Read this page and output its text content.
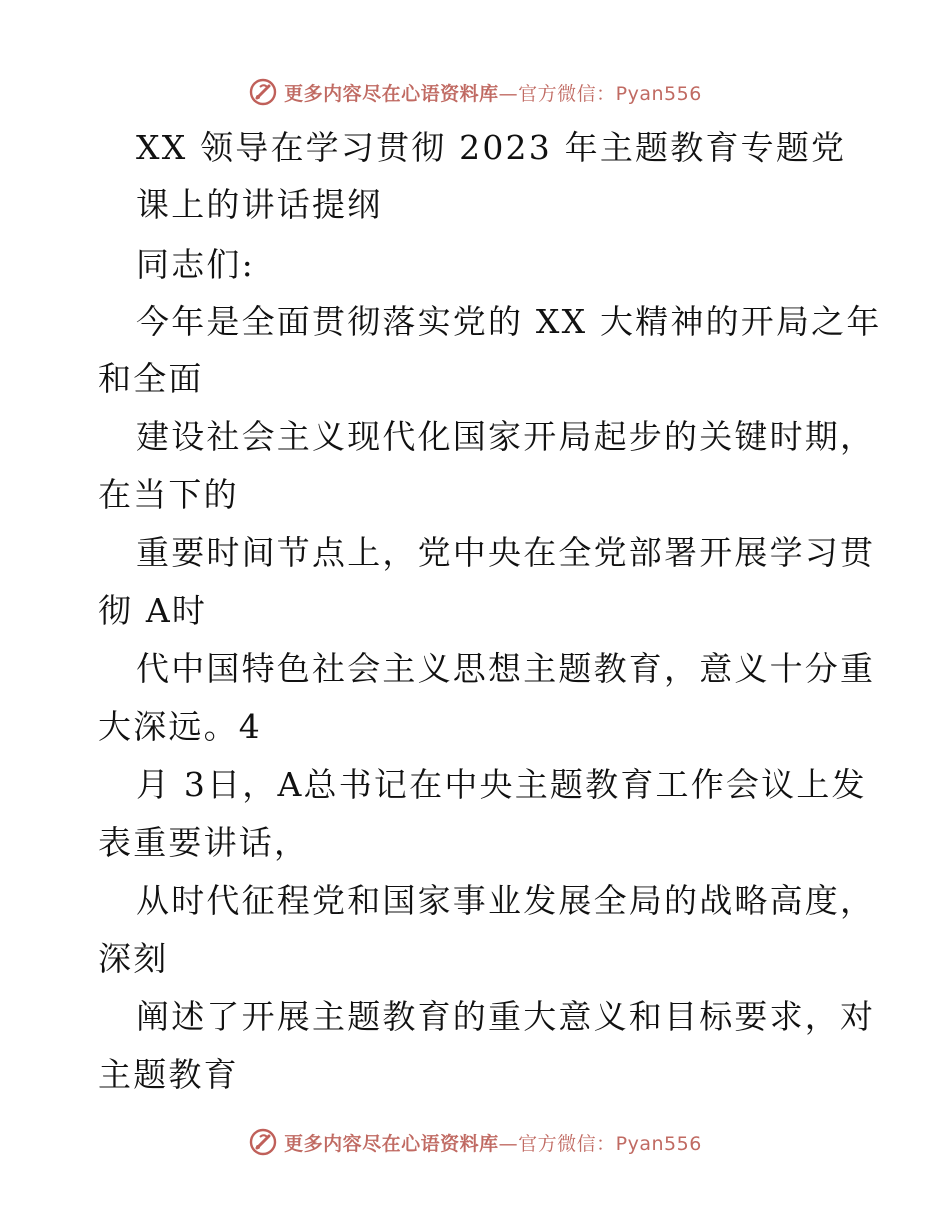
更多内容尽在心语资料库—官方微信：Pyan556
XX 领导在学习贯彻 2023 年主题教育专题党
课上的讲话提纲
同志们:
今年是全面贯彻落实党的 XX 大精神的开局之年
和全面
建设社会主义现代化国家开局起步的关键时期，
在当下的
重要时间节点上，党中央在全党部署开展学习贯
彻 A时
代中国特色社会主义思想主题教育，意义十分重
大深远。4
月 3日，A总书记在中央主题教育工作会议上发
表重要讲话，
从时代征程党和国家事业发展全局的战略高度，
深刻
阐述了开展主题教育的重大意义和目标要求，对
主题教育
更多内容尽在心语资料库—官方微信：Pyan556
